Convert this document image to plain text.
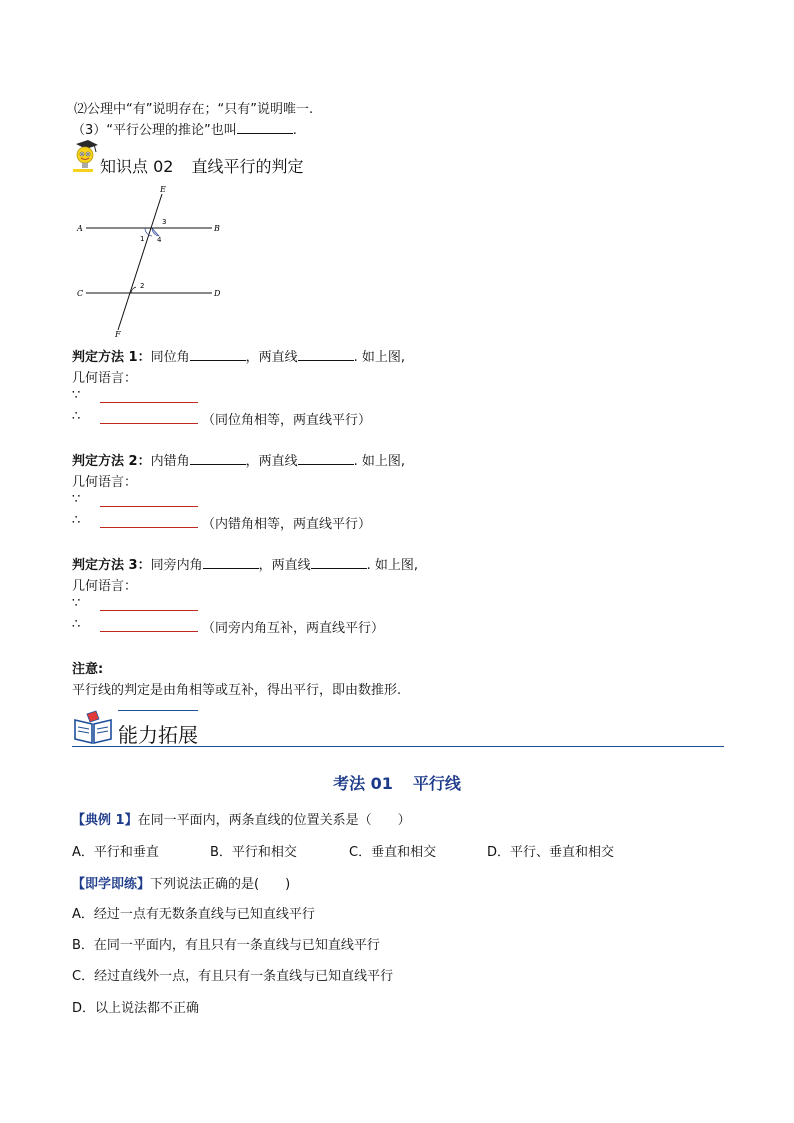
⑵公理中“有”说明存在；“只有”说明唯一.
（3）“平行公理的推论”也叫	.
知识点 02 直线平行的判定
A	B
C	D
E
F
1
2
3
4
判定方法 1：同位角	，两直线	. 如上图,
几何语言：
∵
∴	（同位角相等，两直线平行）
判定方法 2：内错角	，两直线	. 如上图,
几何语言：
∵
∴	（内错角相等，两直线平行）
判定方法 3：同旁内角	，两直线	. 如上图,
几何语言：
∵
∴	（同旁内角互补，两直线平行）
注意:
平行线的判定是由角相等或互补，得出平行，即由数推形.
能力拓展
考法 01 平行线
【典例 1】在同一平面内，两条直线的位置关系是（　　）
A．平行和垂直	B．平行和相交	C．垂直和相交	D．平行、垂直和相交
【即学即练】下列说法正确的是(　　)
A．经过一点有无数条直线与已知直线平行
B．在同一平面内，有且只有一条直线与已知直线平行
C．经过直线外一点，有且只有一条直线与已知直线平行
D．以上说法都不正确
